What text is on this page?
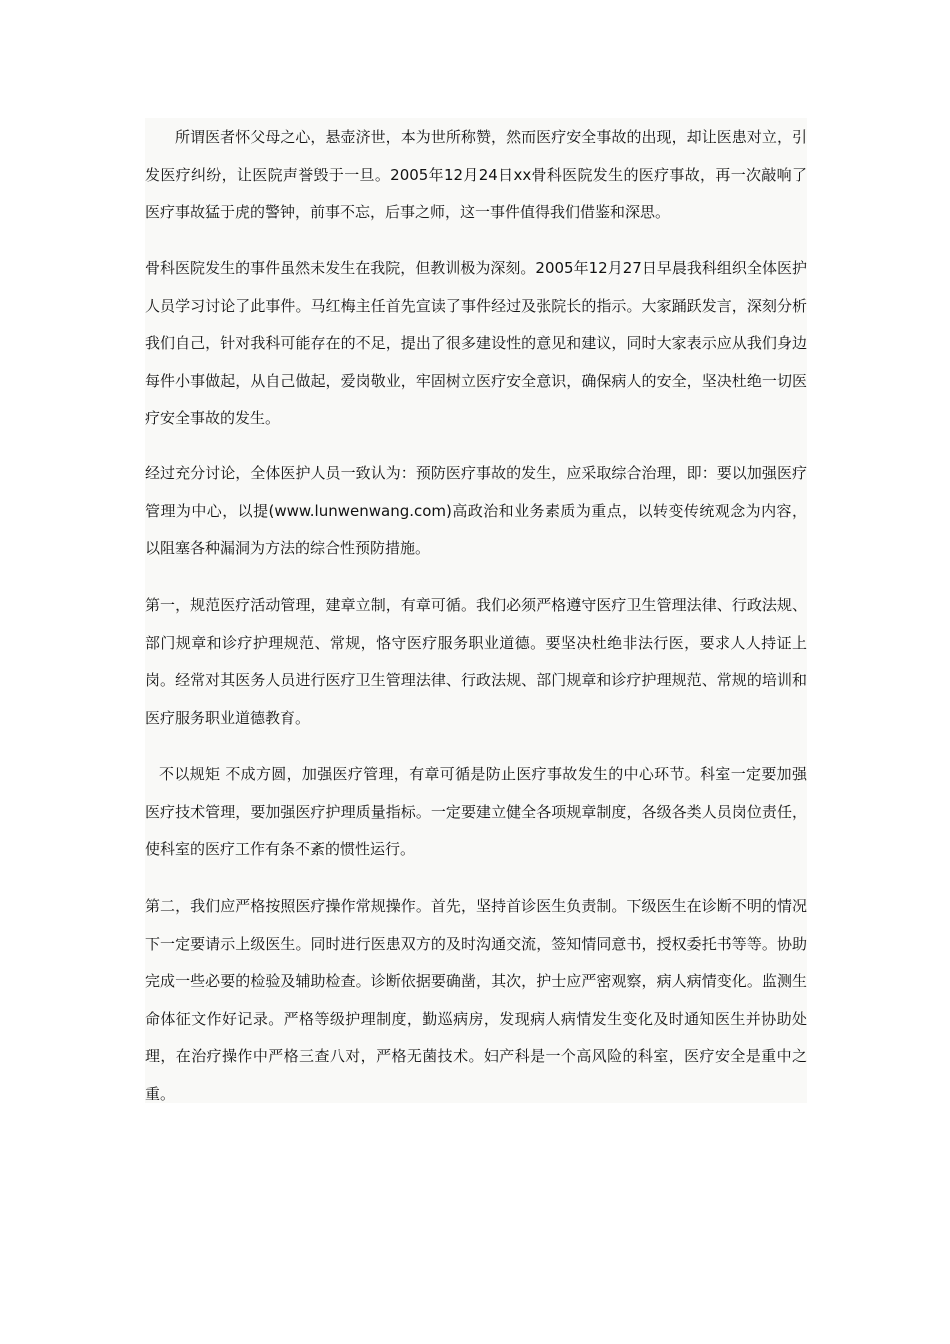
所谓医者怀父母之心，悬壶济世，本为世所称赞，然而医疗安全事故的出现，却让医患对立，引发医疗纠纷，让医院声誉毁于一旦。2005年12月24日xx骨科医院发生的医疗事故，再一次敲响了医疗事故猛于虎的警钟，前事不忘，后事之师，这一事件值得我们借鉴和深思。

骨科医院发生的事件虽然未发生在我院，但教训极为深刻。2005年12月27日早晨我科组织全体医护人员学习讨论了此事件。马红梅主任首先宣读了事件经过及张院长的指示。大家踊跃发言，深刻分析我们自己，针对我科可能存在的不足，提出了很多建设性的意见和建议，同时大家表示应从我们身边每件小事做起，从自己做起，爱岗敬业，牢固树立医疗安全意识，确保病人的安全，坚决杜绝一切医疗安全事故的发生。

经过充分讨论，全体医护人员一致认为：预防医疗事故的发生，应采取综合治理，即：要以加强医疗管理为中心，以提(www.lunwenwang.com)高政治和业务素质为重点，以转变传统观念为内容，以阻塞各种漏洞为方法的综合性预防措施。

第一，规范医疗活动管理，建章立制，有章可循。我们必须严格遵守医疗卫生管理法律、行政法规、部门规章和诊疗护理规范、常规，恪守医疗服务职业道德。要坚决杜绝非法行医，要求人人持证上岗。经常对其医务人员进行医疗卫生管理法律、行政法规、部门规章和诊疗护理规范、常规的培训和医疗服务职业道德教育。

不以规矩 不成方圆，加强医疗管理，有章可循是防止医疗事故发生的中心环节。科室一定要加强医疗技术管理，要加强医疗护理质量指标。一定要建立健全各项规章制度，各级各类人员岗位责任，使科室的医疗工作有条不紊的惯性运行。

第二，我们应严格按照医疗操作常规操作。首先，坚持首诊医生负责制。下级医生在诊断不明的情况下一定要请示上级医生。同时进行医患双方的及时沟通交流，签知情同意书，授权委托书等等。协助完成一些必要的检验及辅助检查。诊断依据要确凿，其次，护士应严密观察，病人病情变化。监测生命体征文作好记录。严格等级护理制度，勤巡病房，发现病人病情发生变化及时通知医生并协助处理，在治疗操作中严格三查八对，严格无菌技术。妇产科是一个高风险的科室，医疗安全是重中之重。
